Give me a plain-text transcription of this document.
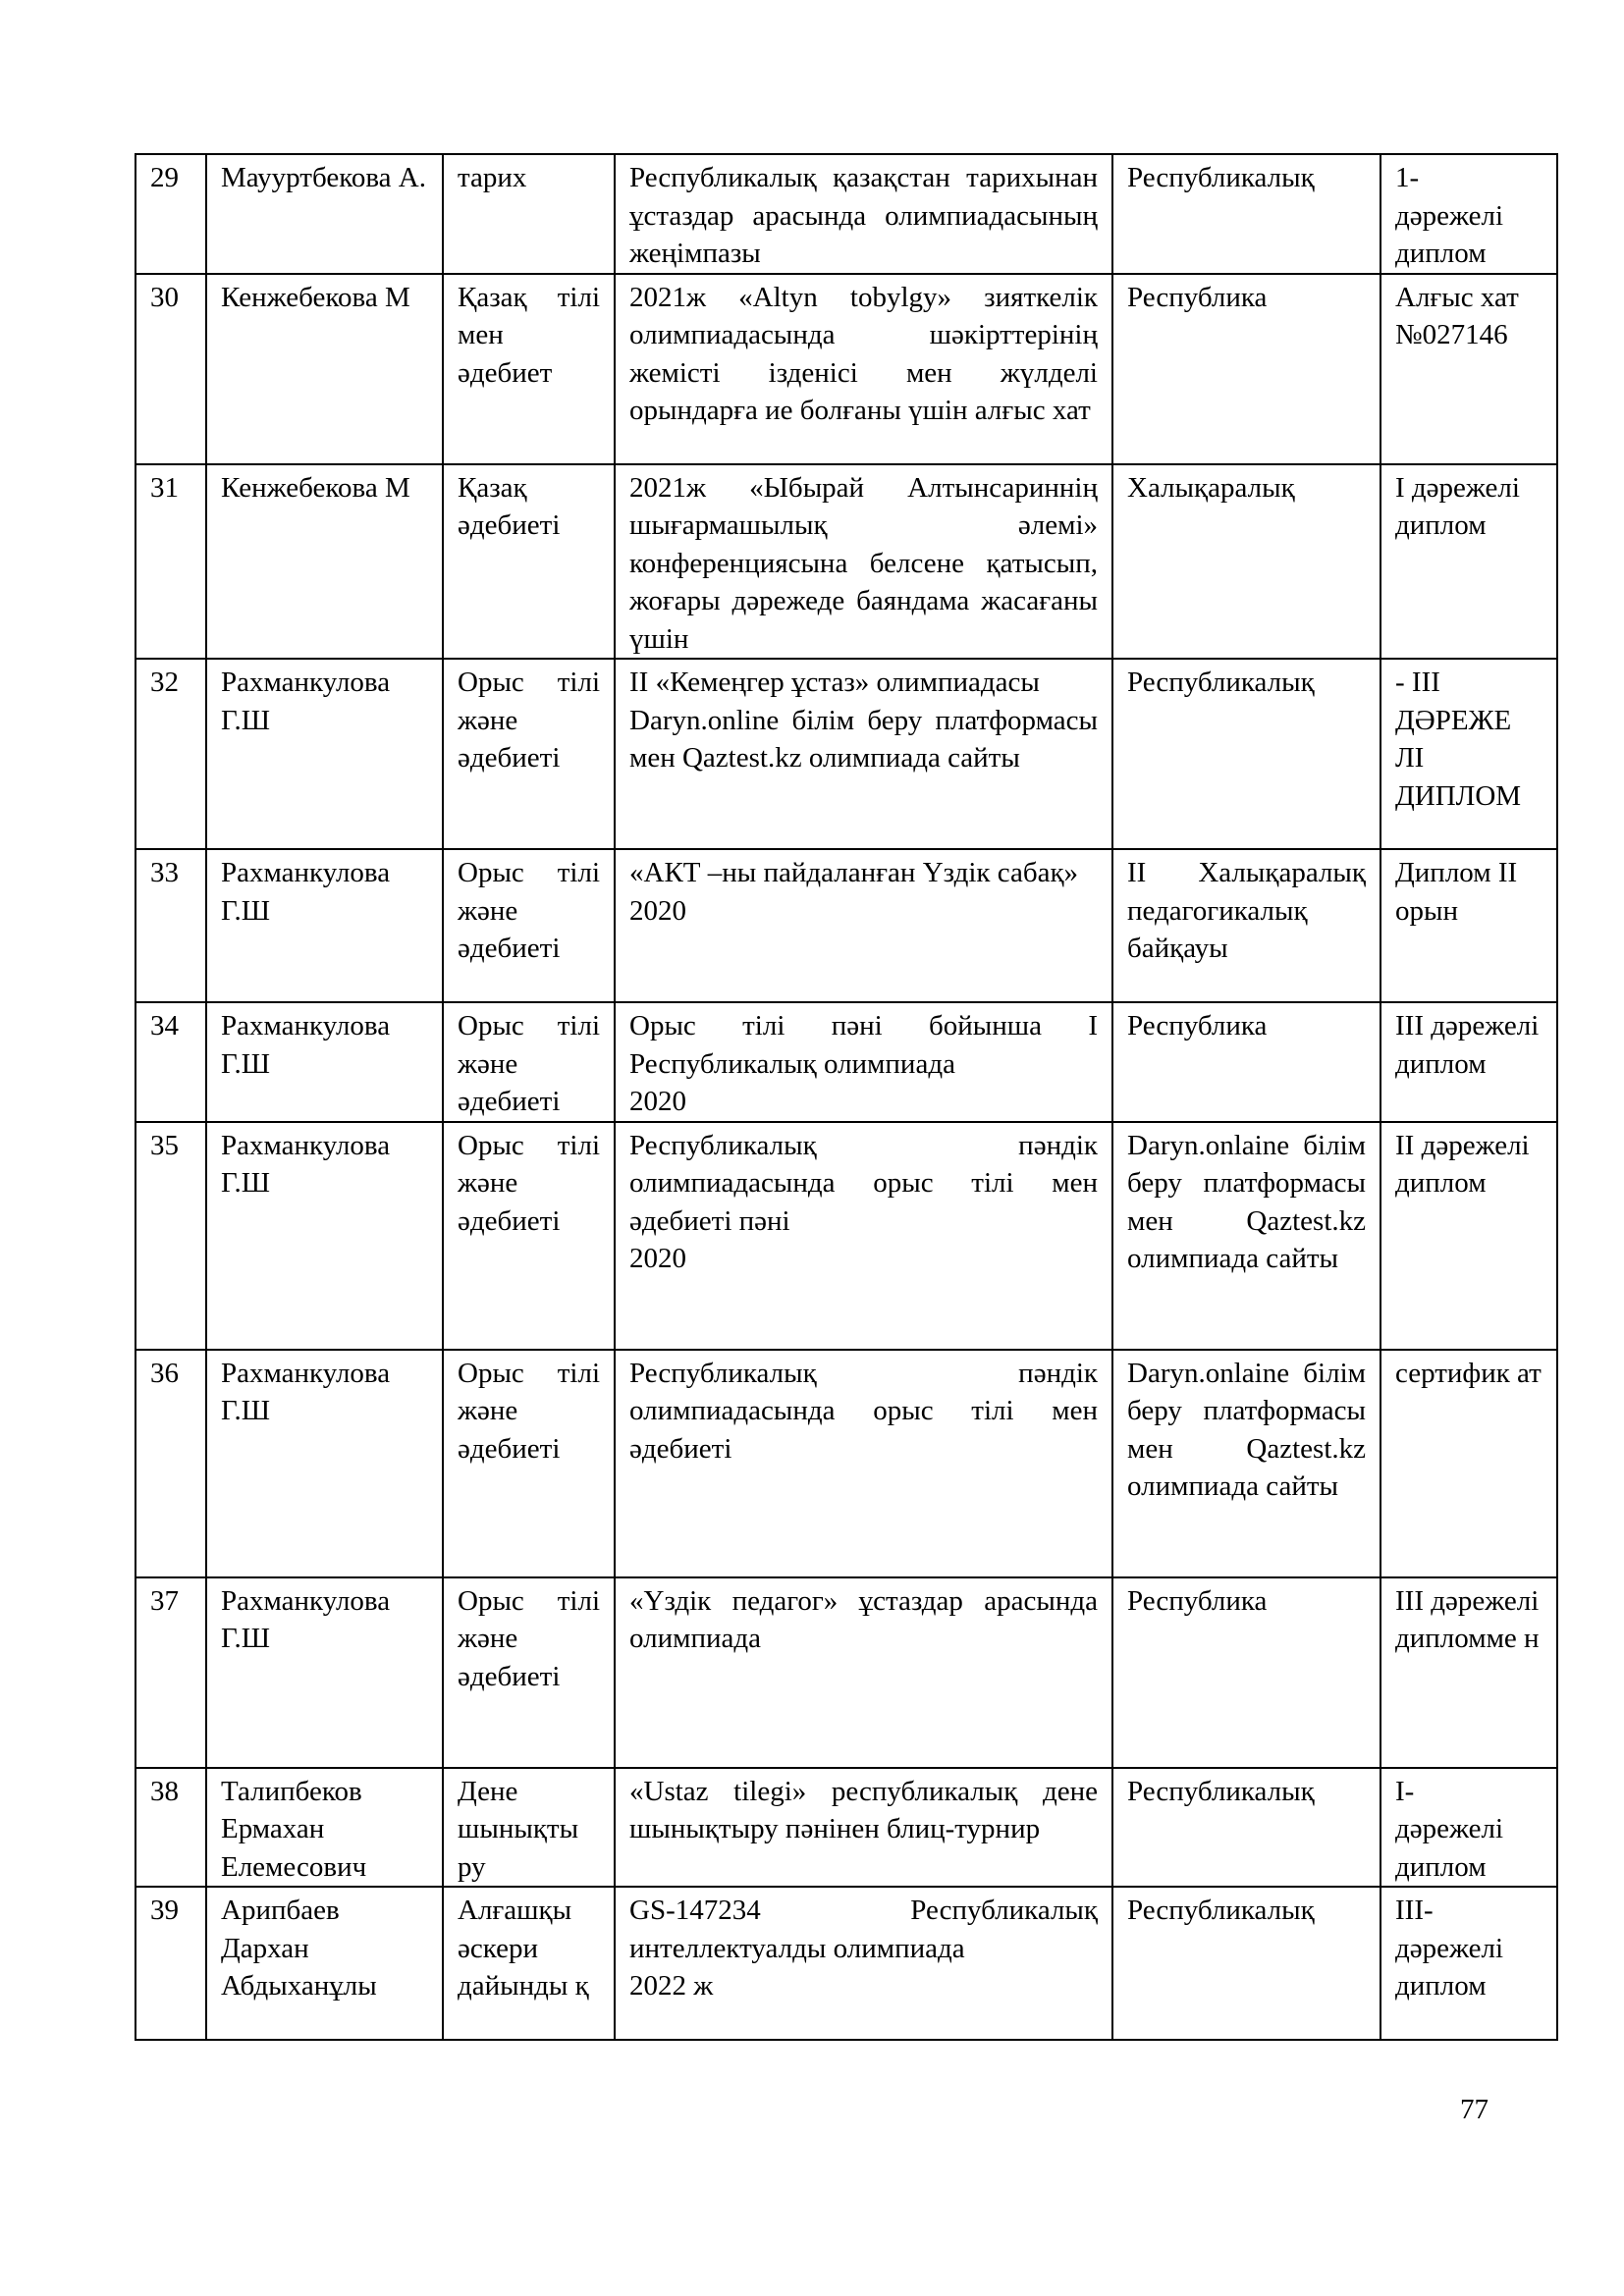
29	Маууртбекова А.	тарих	Республикалық қазақстан тарихынан ұстаздар арасында олимпиадасының жеңімпазы	Республикалық	1-
дәрежелі диплом

30	Кенжебекова М	Қазақ тілі мен әдебиет	2021ж «Altyn tobylgy» зияткелік олимпиадасында шәкірттерінің жемісті ізденісі мен жүлделі орындарға ие болғаны үшін алғыс хат	Республика	Алғыс хат №027146

31	Кенжебекова М	Қазақ әдебиеті	2021ж «Ыбырай Алтынсариннің шығармашылық әлемі» конференциясына белсене қатысып, жоғары дәрежеде баяндама жасағаны үшін	Халықаралық	І дәрежелі диплом

32	Рахманкулова Г.Ш	Орыс тілі және әдебиеті	II «Кемеңгер ұстаз» олимпиадасы
Daryn.online білім беру платформасы мен Qaztest.kz олимпиада сайты	Республикалық	- ІІІ ДӘРЕЖЕ ЛІ ДИПЛОМ

33	Рахманкулова Г.Ш	Орыс тілі және әдебиеті	«АКТ –ны пайдаланған Үздік сабақ»
2020	II Халықаралық педагогикалық байқауы	Диплом II орын

34	Рахманкулова Г.Ш	Орыс тілі және әдебиеті	Орыс тілі пәні бойынша I Республикалық олимпиада
2020	Республика	III дәрежелі диплом

35	Рахманкулова Г.Ш	Орыс тілі және әдебиеті	Республикалық пәндік олимпиадасында орыс тілі мен әдебиеті пәні
2020	Daryn.onlaine білім беру платформасы мен Qaztest.kz олимпиада сайты	II дәрежелі диплом

36	Рахманкулова Г.Ш	Орыс тілі және әдебиеті	Республикалық пәндік олимпиадасында орыс тілі мен әдебиеті	Daryn.onlaine білім беру платформасы мен Qaztest.kz олимпиада сайты	сертифик ат

37	Рахманкулова Г.Ш	Орыс тілі және әдебиеті	«Үздік педагог» ұстаздар арасында олимпиада	Республика	III дәрежелі дипломме н

38	Талипбеков Ермахан Елемесович	Дене шынықты ру	«Ustaz tilegi» республикалық дене шынықтыру пәнінен блиц-турнир	Республикалық	І-
дәрежелі диплом

39	Арипбаев Дархан Абдыханұлы	Алғашқы әскери дайынды қ	GS-147234 Республикалық интеллектуалды олимпиада
2022 ж	Республикалық	ІІІ-
дәрежелі диплом
77
